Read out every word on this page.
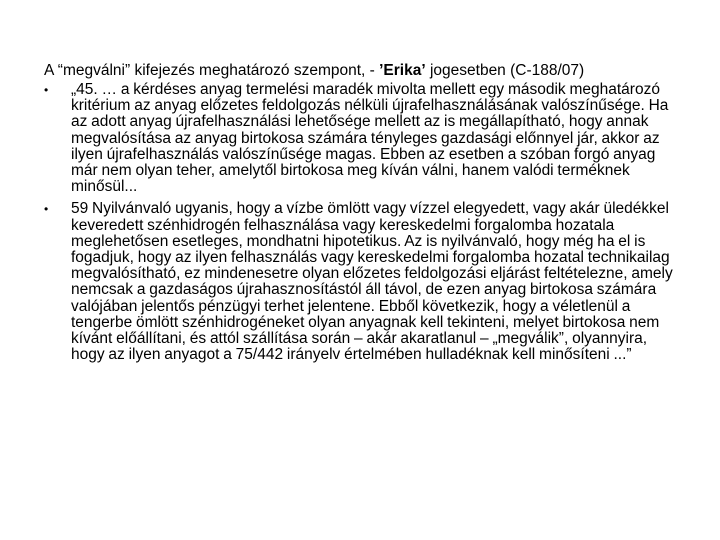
A “megválni” kifejezés meghatározó szempont, - ’Erika’ jogesetben (C-188/07)

• „45. … a kérdéses anyag termelési maradék mivolta mellett egy második meghatározó kritérium az anyag előzetes feldolgozás nélküli újrafelhasználásának valószínűsége. Ha az adott anyag újrafelhasználási lehetősége mellett az is megállapítható, hogy annak megvalósítása az anyag birtokosa számára tényleges gazdasági előnnyel jár, akkor az ilyen újrafelhasználás valószínűsége magas. Ebben az esetben a szóban forgó anyag már nem olyan teher, amelytől birtokosa meg kíván válni, hanem valódi terméknek minősül...
• 59 Nyilvánvaló ugyanis, hogy a vízbe ömlött vagy vízzel elegyedett, vagy akár üledékkel keveredett szénhidrogén felhasználása vagy kereskedelmi forgalomba hozatala meglehetősen esetleges, mondhatni hipotetikus. Az is nyilvánvaló, hogy még ha el is fogadjuk, hogy az ilyen felhasználás vagy kereskedelmi forgalomba hozatal technikailag megvalósítható, ez mindenesetre olyan előzetes feldolgozási eljárást feltételezne, amely nemcsak a gazdaságos újrahasznosítástól áll távol, de ezen anyag birtokosa számára valójában jelentős pénzügyi terhet jelentene. Ebből következik, hogy a véletlenül a tengerbe ömlött szénhidrogéneket olyan anyagnak kell tekinteni, melyet birtokosa nem kívánt előállítani, és attól szállítása során – akár akaratlanul – „megválik”, olyannyira, hogy az ilyen anyagot a 75/442 irányelv értelmében hulladéknak kell minősíteni ...”
